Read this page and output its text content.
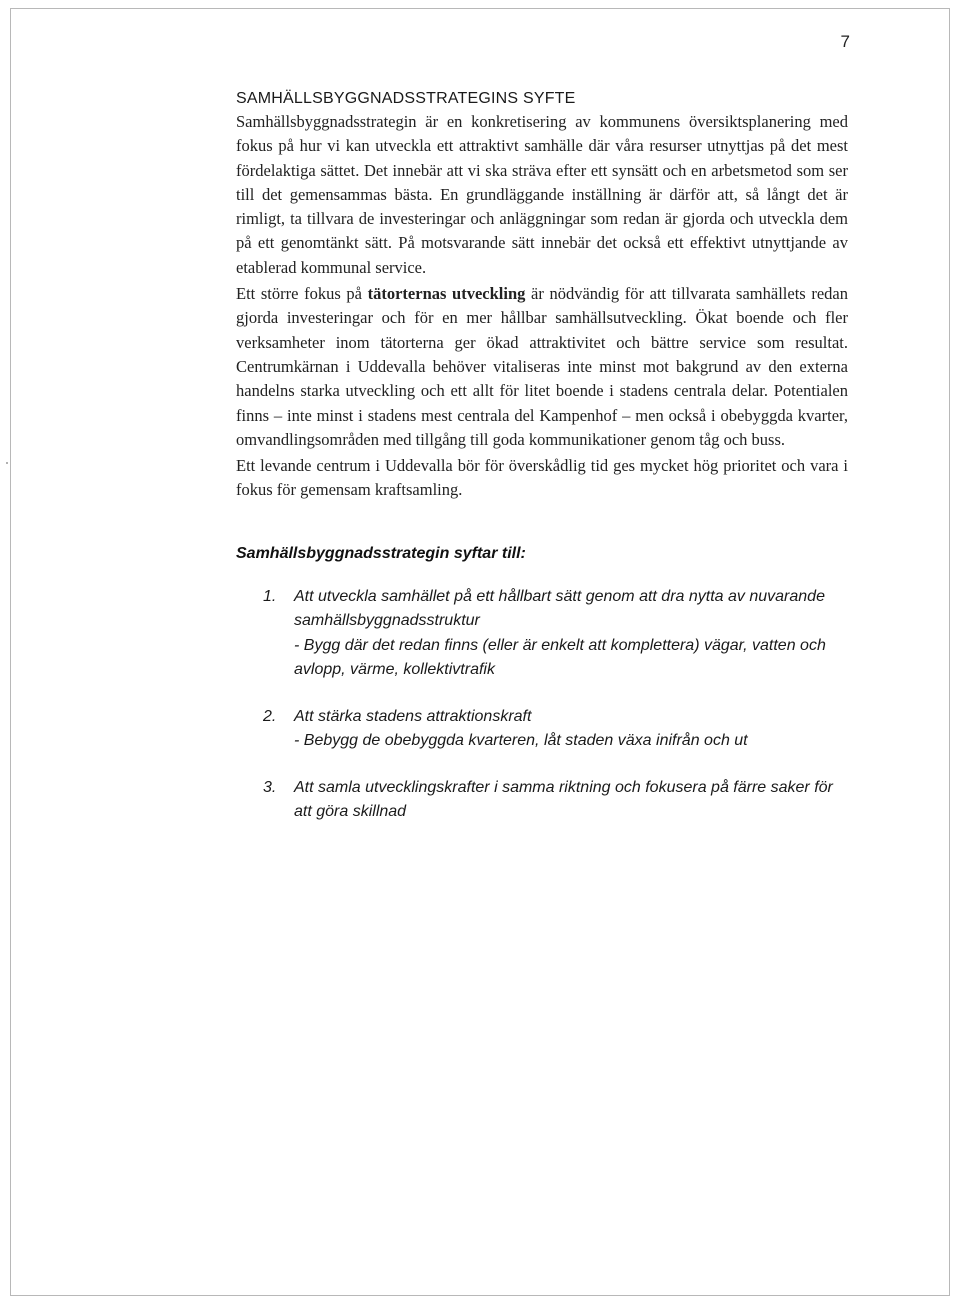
7
SAMHÄLLSBYGGNADSSTRATEGINS SYFTE

Samhällsbyggnadsstrategin är en konkretisering av kommunens översiktsplanering med fokus på hur vi kan utveckla ett attraktivt samhälle där våra resurser utnyttjas på det mest fördelaktiga sättet. Det innebär att vi ska sträva efter ett synsätt och en arbetsmetod som ser till det gemensammas bästa. En grundläggande inställning är därför att, så långt det är rimligt, ta tillvara de investeringar och anläggningar som redan är gjorda och utveckla dem på ett genomtänkt sätt. På motsvarande sätt innebär det också ett effektivt utnyttjande av etablerad kommunal service.

Ett större fokus på tätorternas utveckling är nödvändig för att tillvarata samhällets redan gjorda investeringar och för en mer hållbar samhällsutveckling. Ökat boende och fler verksamheter inom tätorterna ger ökad attraktivitet och bättre service som resultat. Centrumkärnan i Uddevalla behöver vitaliseras inte minst mot bakgrund av den externa handelns starka utveckling och ett allt för litet boende i stadens centrala delar. Potentialen finns – inte minst i stadens mest centrala del Kampenhof – men också i obebyggda kvarter, omvandlingsområden med tillgång till goda kommunikationer genom tåg och buss.

Ett levande centrum i Uddevalla bör för överskådlig tid ges mycket hög prioritet och vara i fokus för gemensam kraftsamling.

Samhällsbyggnadsstrategin syftar till:
1. Att utveckla samhället på ett hållbart sätt genom att dra nytta av nuvarande samhällsbyggnadsstruktur
- Bygg där det redan finns (eller är enkelt att komplettera) vägar, vatten och avlopp, värme, kollektivtrafik
2. Att stärka stadens attraktionskraft
- Bebygg de obebyggda kvarteren, låt staden växa inifrån och ut
3. Att samla utvecklingskrafter i samma riktning och fokusera på färre saker för att göra skillnad
